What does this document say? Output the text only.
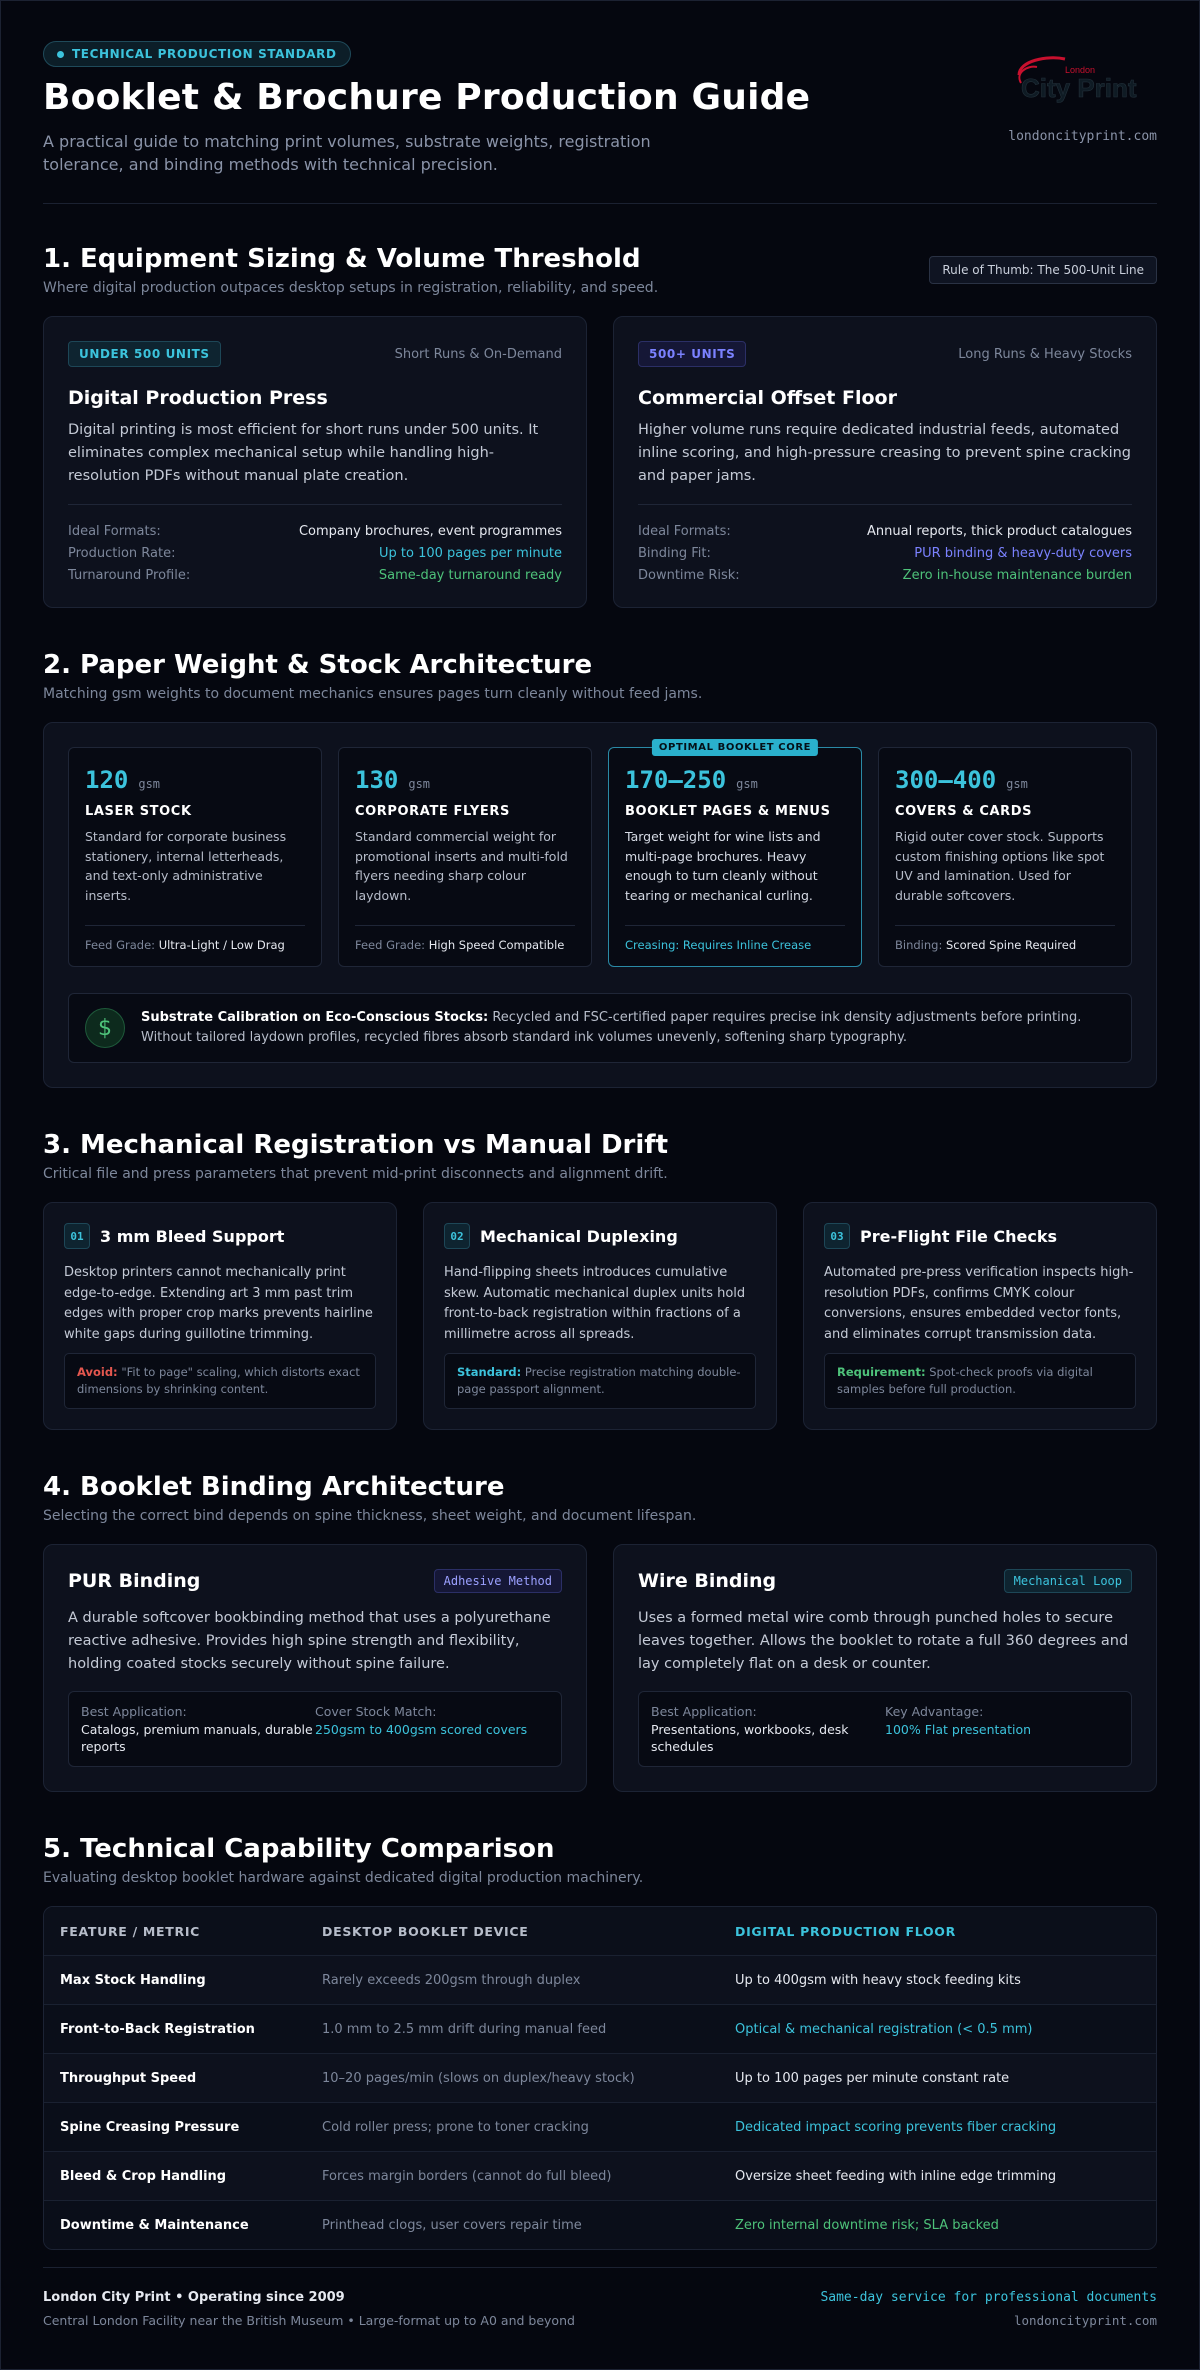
TECHNICAL PRODUCTION STANDARD
Booklet & Brochure Production Guide
A practical guide to matching print volumes, substrate weights, registration tolerance, and binding methods with technical precision.
London
City Print
londoncityprint.com
1. Equipment Sizing & Volume Threshold
Where digital production outpaces desktop setups in registration, reliability, and speed.
Rule of Thumb: The 500-Unit Line
UNDER 500 UNITS	Short Runs & On-Demand
Digital Production Press

Digital printing is most efficient for short runs under 500 units. It eliminates complex mechanical setup while handling high-resolution PDFs without manual plate creation.

Ideal Formats:	Company brochures, event programmes
Production Rate:	Up to 100 pages per minute
Turnaround Profile:	Same-day turnaround ready
500+ UNITS	Long Runs & Heavy Stocks
Commercial Offset Floor

Higher volume runs require dedicated industrial feeds, automated inline scoring, and high-pressure creasing to prevent spine cracking and paper jams.

Ideal Formats:	Annual reports, thick product catalogues
Binding Fit:	PUR binding & heavy-duty covers
Downtime Risk:	Zero in-house maintenance burden
2. Paper Weight & Stock Architecture
Matching gsm weights to document mechanics ensures pages turn cleanly without feed jams.
120 gsm
LASER STOCK

Standard for corporate business stationery, internal letterheads, and text-only administrative inserts.

Feed Grade: Ultra-Light / Low Drag
130 gsm
CORPORATE FLYERS

Standard commercial weight for promotional inserts and multi-fold flyers needing sharp colour laydown.

Feed Grade: High Speed Compatible
OPTIMAL BOOKLET CORE
170–250 gsm
BOOKLET PAGES & MENUS

Target weight for wine lists and multi-page brochures. Heavy enough to turn cleanly without tearing or mechanical curling.

Creasing: Requires Inline Crease
300–400 gsm
COVERS & CARDS

Rigid outer cover stock. Supports custom finishing options like spot UV and lamination. Used for durable softcovers.

Binding: Scored Spine Required
$	Substrate Calibration on Eco-Conscious Stocks: Recycled and FSC-certified paper requires precise ink density adjustments before printing. Without tailored laydown profiles, recycled fibres absorb standard ink volumes unevenly, softening sharp typography.
3. Mechanical Registration vs Manual Drift
Critical file and press parameters that prevent mid-print disconnects and alignment drift.
01	3 mm Bleed Support

Desktop printers cannot mechanically print edge-to-edge. Extending art 3 mm past trim edges with proper crop marks prevents hairline white gaps during guillotine trimming.

Avoid: "Fit to page" scaling, which distorts exact dimensions by shrinking content.
02	Mechanical Duplexing

Hand-flipping sheets introduces cumulative skew. Automatic mechanical duplex units hold front-to-back registration within fractions of a millimetre across all spreads.

Standard: Precise registration matching double-page passport alignment.
03	Pre-Flight File Checks

Automated pre-press verification inspects high-resolution PDFs, confirms CMYK colour conversions, ensures embedded vector fonts, and eliminates corrupt transmission data.

Requirement: Spot-check proofs via digital samples before full production.
4. Booklet Binding Architecture
Selecting the correct bind depends on spine thickness, sheet weight, and document lifespan.
PUR Binding	Adhesive Method

A durable softcover bookbinding method that uses a polyurethane reactive adhesive. Provides high spine strength and flexibility, holding coated stocks securely without spine failure.

Best Application:
Catalogs, premium manuals, durable reports
Cover Stock Match:
250gsm to 400gsm scored covers
Wire Binding	Mechanical Loop

Uses a formed metal wire comb through punched holes to secure leaves together. Allows the booklet to rotate a full 360 degrees and lay completely flat on a desk or counter.

Best Application:
Presentations, workbooks, desk schedules
Key Advantage:
100% Flat presentation
5. Technical Capability Comparison
Evaluating desktop booklet hardware against dedicated digital production machinery.
FEATURE / METRIC	DESKTOP BOOKLET DEVICE	DIGITAL PRODUCTION FLOOR
Max Stock Handling	Rarely exceeds 200gsm through duplex	Up to 400gsm with heavy stock feeding kits
Front-to-Back Registration	1.0 mm to 2.5 mm drift during manual feed	Optical & mechanical registration (< 0.5 mm)
Throughput Speed	10–20 pages/min (slows on duplex/heavy stock)	Up to 100 pages per minute constant rate
Spine Creasing Pressure	Cold roller press; prone to toner cracking	Dedicated impact scoring prevents fiber cracking
Bleed & Crop Handling	Forces margin borders (cannot do full bleed)	Oversize sheet feeding with inline edge trimming
Downtime & Maintenance	Printhead clogs, user covers repair time	Zero internal downtime risk; SLA backed
London City Print • Operating since 2009
Central London Facility near the British Museum • Large-format up to A0 and beyond
Same-day service for professional documents
londoncityprint.com
